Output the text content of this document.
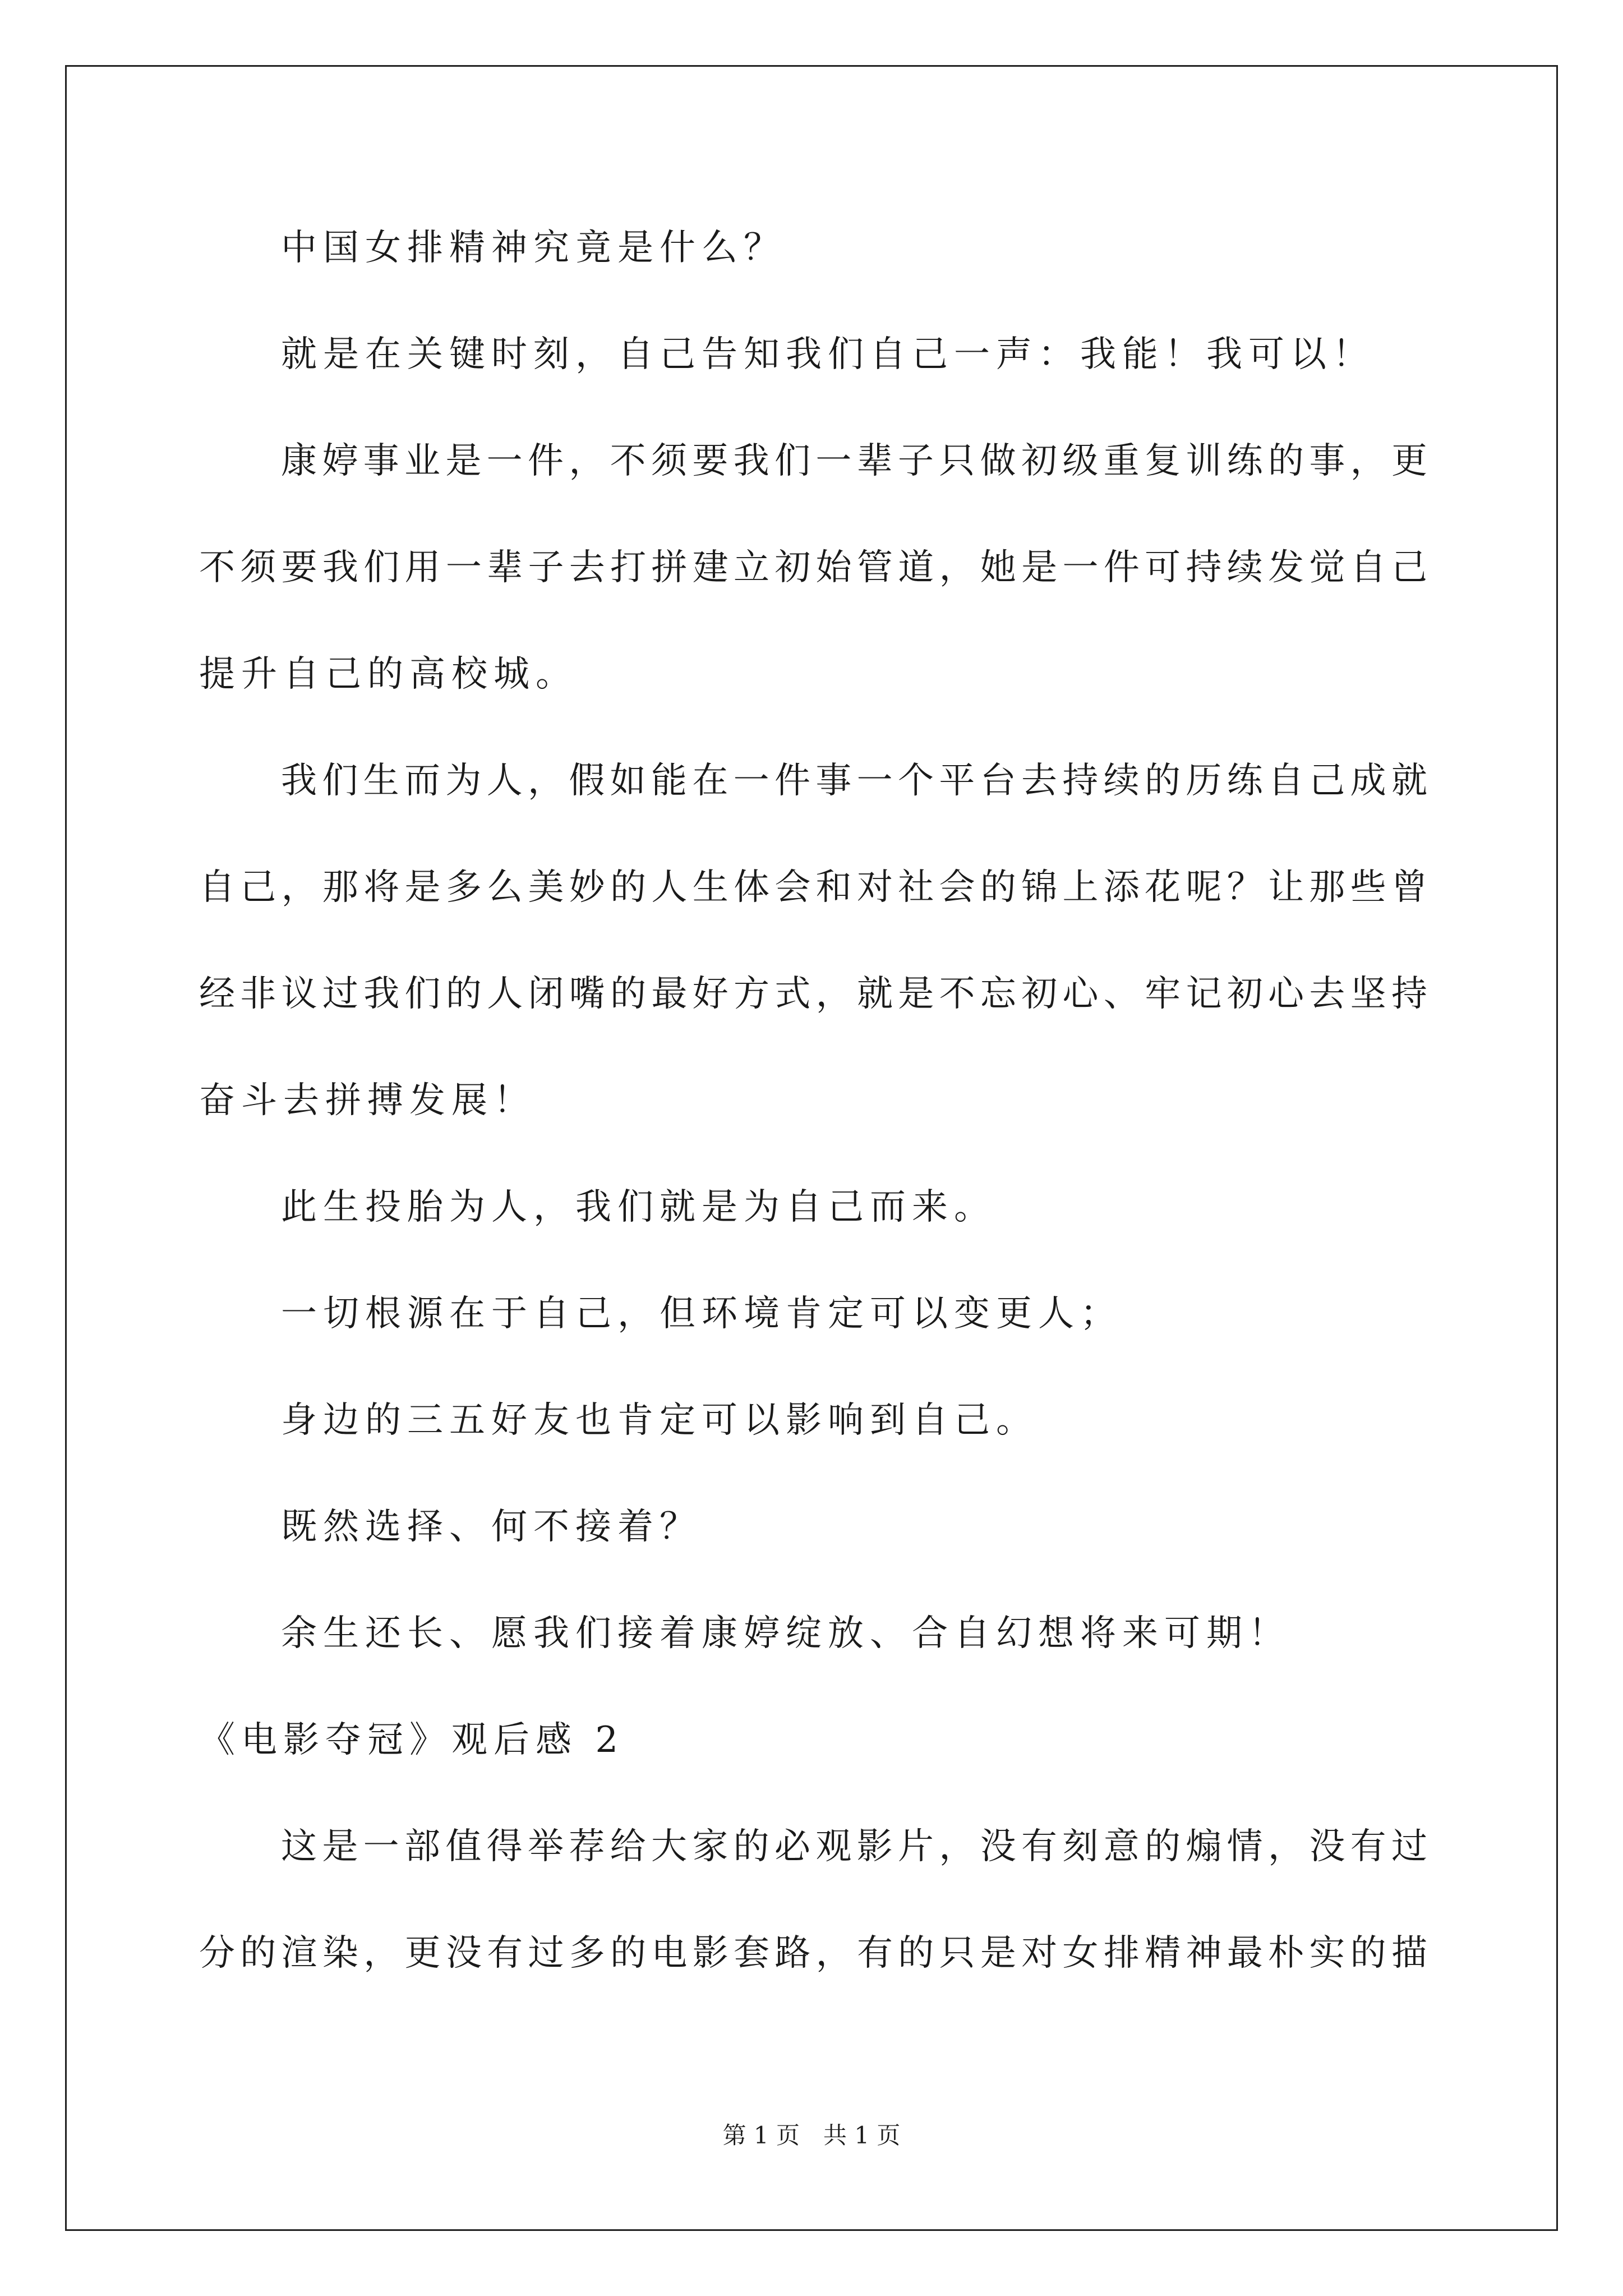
中国女排精神究竟是什么？
就是在关键时刻，自己告知我们自己一声：我能！我可以！
康婷事业是一件，不须要我们一辈子只做初级重复训练的事，更
不须要我们用一辈子去打拼建立初始管道，她是一件可持续发觉自己
提升自己的高校城。
我们生而为人，假如能在一件事一个平台去持续的历练自己成就
自己，那将是多么美妙的人生体会和对社会的锦上添花呢？让那些曾
经非议过我们的人闭嘴的最好方式，就是不忘初心、牢记初心去坚持
奋斗去拼搏发展！
此生投胎为人，我们就是为自己而来。
一切根源在于自己，但环境肯定可以变更人；
身边的三五好友也肯定可以影响到自己。
既然选择、何不接着？
余生还长、愿我们接着康婷绽放、合自幻想将来可期！
《电影夺冠》观后感 2
这是一部值得举荐给大家的必观影片，没有刻意的煽情，没有过
分的渲染，更没有过多的电影套路，有的只是对女排精神最朴实的描
第 1 页　共 1 页
